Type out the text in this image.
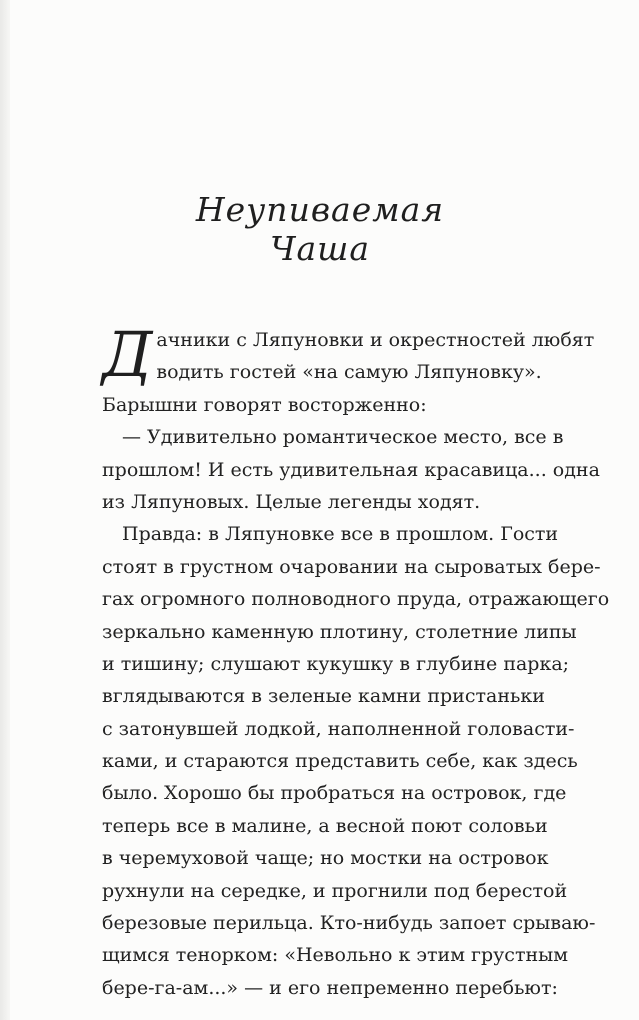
Неупиваемая Чаша
Д ачники с Ляпуновки и окрестностей любят
водить гостей «на самую Ляпуновку».
Барышни говорят восторженно:
— Удивительно романтическое место, все в
прошлом! И есть удивительная красавица... одна
из Ляпуновых. Целые легенды ходят.
Правда: в Ляпуновке все в прошлом. Гости
стоят в грустном очаровании на сыроватых бере-
гах огромного полноводного пруда, отражающего
зеркально каменную плотину, столетние липы
и тишину; слушают кукушку в глубине парка;
вглядываются в зеленые камни пристаньки
с затонувшей лодкой, наполненной головасти-
ками, и стараются представить себе, как здесь
было. Хорошо бы пробраться на островок, где
теперь все в малине, а весной поют соловьи
в черемуховой чаще; но мостки на островок
рухнули на середке, и прогнили под берестой
березовые перильца. Кто-нибудь запоет срываю-
щимся тенорком: «Невольно к этим грустным
бере-га-ам...» — и его непременно перебьют:
